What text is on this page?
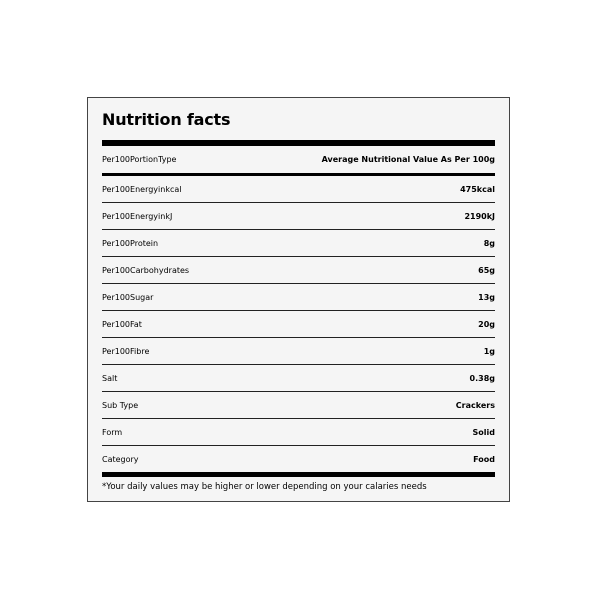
Nutrition facts
Per100PortionType	Average Nutritional Value As Per 100g
Per100Energyinkcal	475kcal
Per100EnergyinkJ	2190kJ
Per100Protein	8g
Per100Carbohydrates	65g
Per100Sugar	13g
Per100Fat	20g
Per100Fibre	1g
Salt	0.38g
Sub Type	Crackers
Form	Solid
Category	Food
*Your daily values may be higher or lower depending on your calaries needs
